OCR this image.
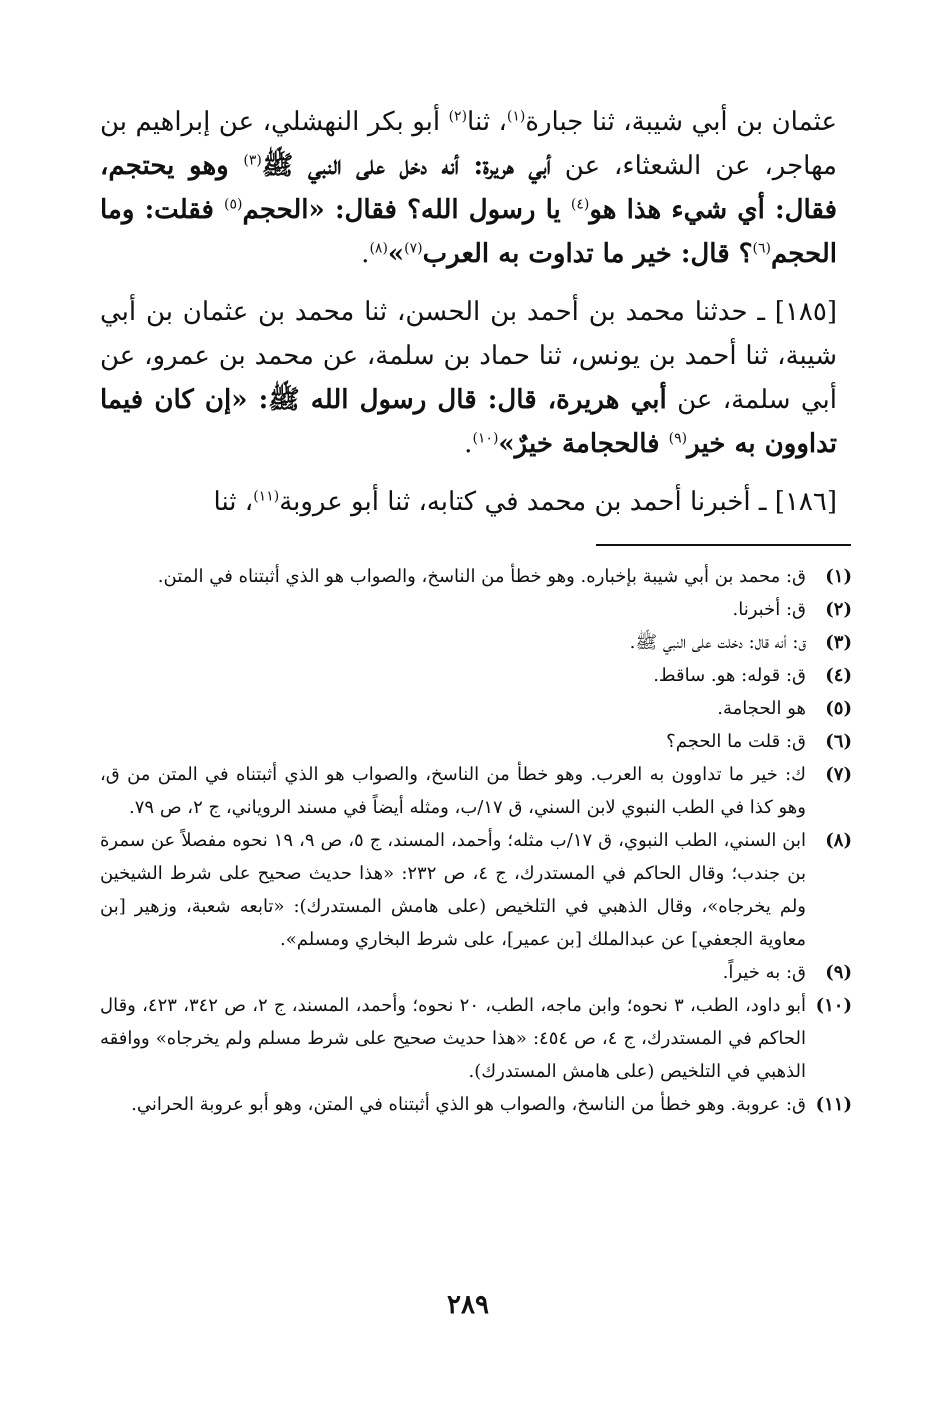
عثمان بن أبي شيبة، ثنا جبارة$^{(١)}$، ثنا$^{(٢)}$ أبو بكر النهشلي، عن إبراهيم بن مهاجر، عن الشعثاء، عن أبي هريرة: أنه دخل على النبي ﷺ$^{(٣)}$ وهو يحتجم، فقال: أي شيء هذا هو$^{(٤)}$ يا رسول الله؟ فقال: «الحجم$^{(٥)}$ فقلت: وما الحجم$^{(٦)}$؟ قال: خير ما تداوت به العرب$^{(٧)}$»$^{(٨)}$.

[١٨٥] ـ حدثنا محمد بن أحمد بن الحسن، ثنا محمد بن عثمان بن أبي شيبة، ثنا أحمد بن يونس، ثنا حماد بن سلمة، عن محمد بن عمرو، عن أبي سلمة، عن أبي هريرة، قال: قال رسول الله ﷺ: «إن كان فيما تداوون به خير$^{(٩)}$ فالحجامة خيرٌ»$^{(١٠)}$.

[١٨٦] ـ أخبرنا أحمد بن محمد في كتابه، ثنا أبو عروبة$^{(١١)}$، ثنا

(١)
ق: محمد بن أبي شيبة بإخباره. وهو خطأ من الناسخ، والصواب هو الذي أثبتناه في المتن.
(٢)
ق: أخبرنا.
(٣)
ق: أنه قال: دخلت على النبي ﷺ.
(٤)
ق: قوله: هو. ساقط.
(٥)
هو الحجامة.
(٦)
ق: قلت ما الحجم؟
(٧)
ك: خير ما تداوون به العرب. وهو خطأ من الناسخ، والصواب هو الذي أثبتناه في المتن من ق، وهو كذا في الطب النبوي لابن السني، ق ١٧/ب، ومثله أيضاً في مسند الروياني، ج ٢، ص ٧٩.
(٨)
ابن السني، الطب النبوي، ق ١٧/ب مثله؛ وأحمد، المسند، ج ٥، ص ٩، ١٩ نحوه مفصلاً عن سمرة بن جندب؛ وقال الحاكم في المستدرك، ج ٤، ص ٢٣٢: «هذا حديث صحيح على شرط الشيخين ولم يخرجاه»، وقال الذهبي في التلخيص (على هامش المستدرك): «تابعه شعبة، وزهير [بن معاوية الجعفي] عن عبدالملك [بن عمير]، على شرط البخاري ومسلم».
(٩)
ق: به خيراً.
(١٠)
أبو داود، الطب، ٣ نحوه؛ وابن ماجه، الطب، ٢٠ نحوه؛ وأحمد، المسند، ج ٢، ص ٣٤٢، ٤٢٣، وقال الحاكم في المستدرك، ج ٤، ص ٤٥٤: «هذا حديث صحيح على شرط مسلم ولم يخرجاه» ووافقه الذهبي في التلخيص (على هامش المستدرك).
(١١)
ق: عروبة. وهو خطأ من الناسخ، والصواب هو الذي أثبتناه في المتن، وهو أبو عروبة الحراني.
٢٨٩
